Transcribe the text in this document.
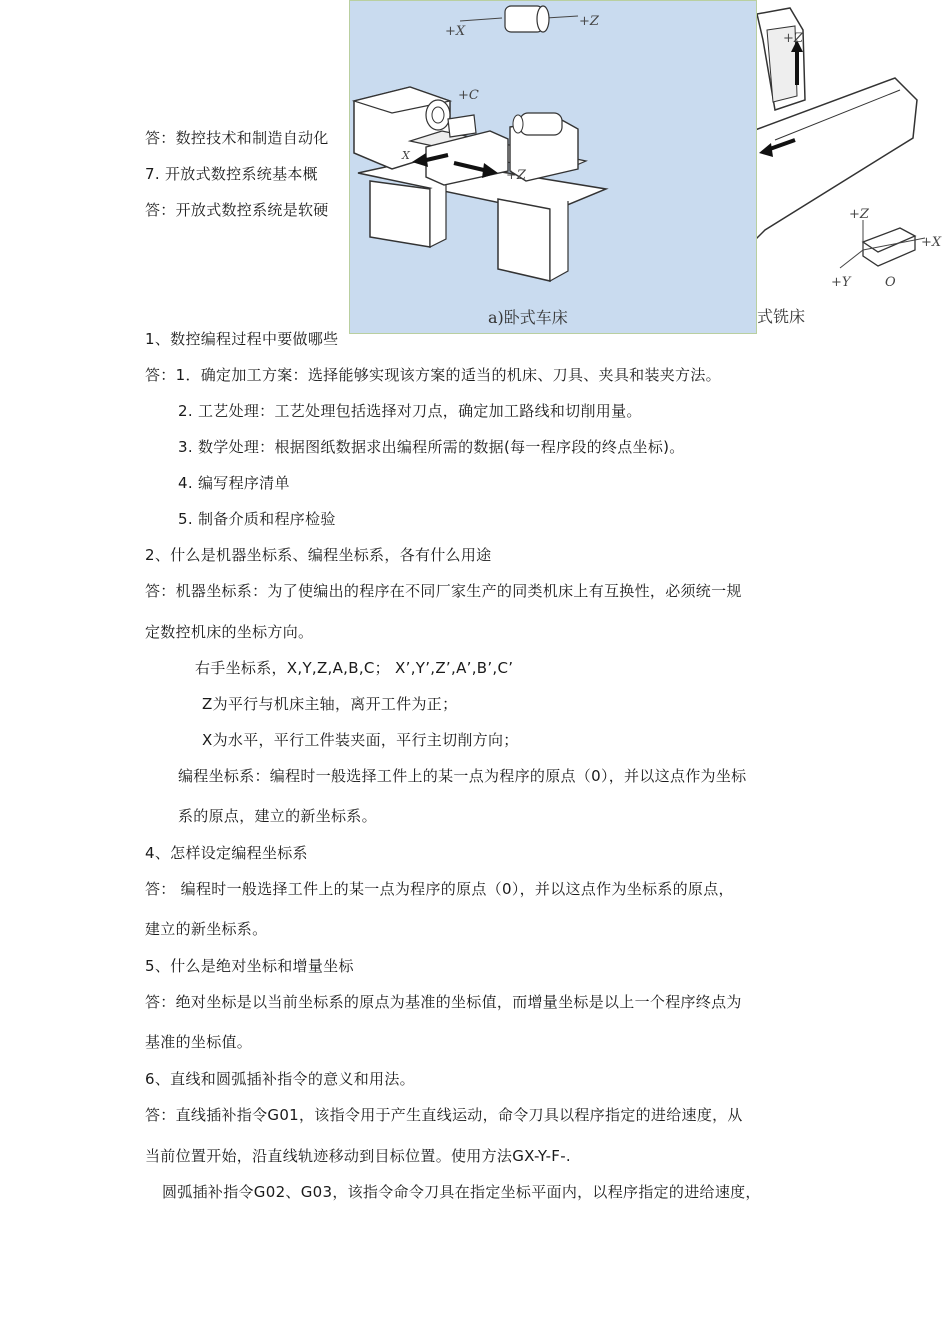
答：数控技术和制造自动化
7. 开放式数控系统基本概
答：开放式数控系统是软硬
1、数控编程过程中要做哪些
+Z
+Z
+X
+Y	O
式铣床
+X
+Z
+C
X
+Z
a)卧式车床
答：1．确定加工方案：选择能够实现该方案的适当的机床、刀具、夹具和装夹方法。
2. 工艺处理：工艺处理包括选择对刀点，确定加工路线和切削用量。
3. 数学处理：根据图纸数据求出编程所需的数据(每一程序段的终点坐标)。
4. 编写程序清单
5. 制备介质和程序检验
2、什么是机器坐标系、编程坐标系，各有什么用途
答：机器坐标系：为了使编出的程序在不同厂家生产的同类机床上有互换性，必须统一规
定数控机床的坐标方向。
右手坐标系，X,Y,Z,A,B,C； X’,Y’,Z’,A’,B’,C’
Z为平行与机床主轴，离开工件为正；
X为水平，平行工件装夹面，平行主切削方向；
编程坐标系：编程时一般选择工件上的某一点为程序的原点（0），并以这点作为坐标
系的原点，建立的新坐标系。
4、怎样设定编程坐标系
答： 编程时一般选择工件上的某一点为程序的原点（0），并以这点作为坐标系的原点，
建立的新坐标系。
5、什么是绝对坐标和增量坐标
答：绝对坐标是以当前坐标系的原点为基准的坐标值，而增量坐标是以上一个程序终点为
基准的坐标值。
6、直线和圆弧插补指令的意义和用法。
答：直线插补指令G01，该指令用于产生直线运动，命令刀具以程序指定的进给速度，从
当前位置开始，沿直线轨迹移动到目标位置。使用方法GX-Y-F-.
圆弧插补指令G02、G03，该指令命令刀具在指定坐标平面内，以程序指定的进给速度，
